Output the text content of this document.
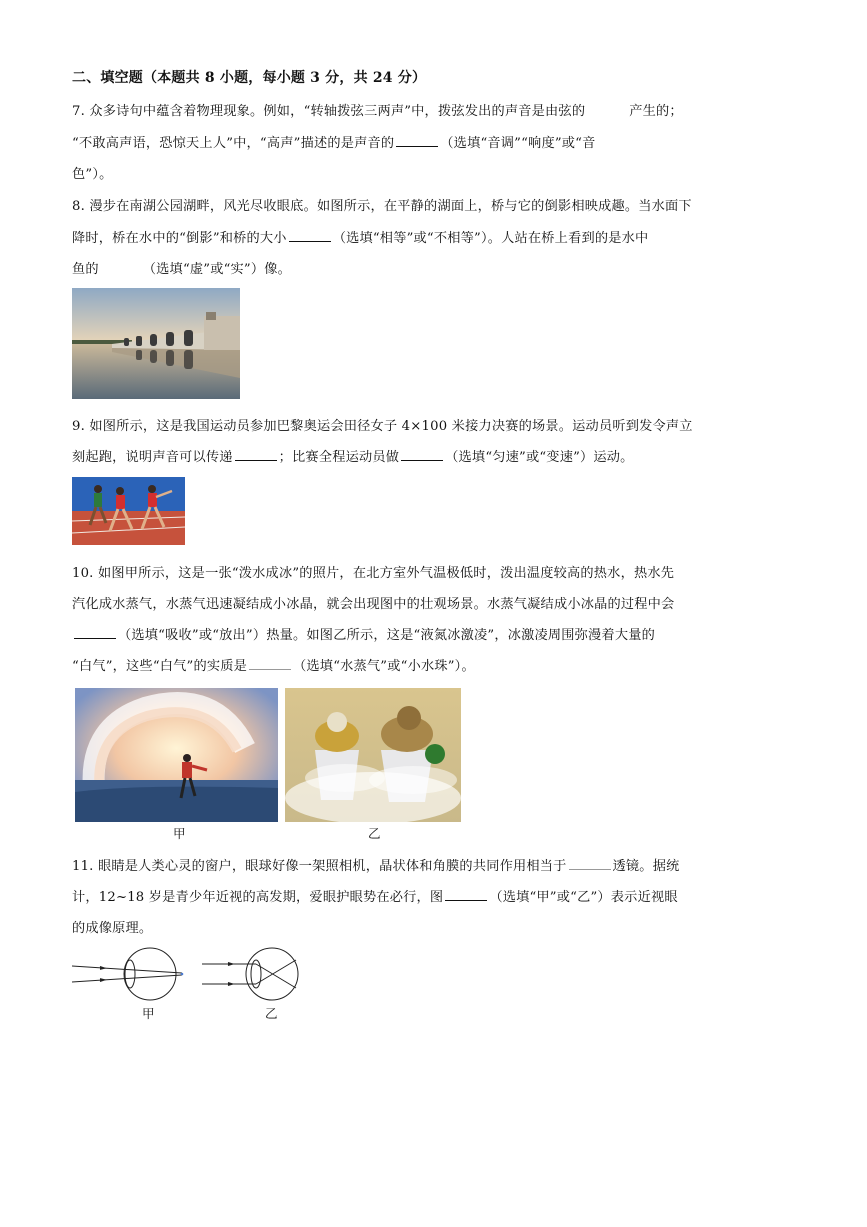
二、填空题（本题共 8 小题，每小题 3 分，共 24 分）
7. 众多诗句中蕴含着物理现象。例如，“转轴拨弦三两声”中，拨弦发出的声音是由弦的	产生的；
“不敢高声语，恐惊天上人”中，“高声”描述的是声音的	（选填“音调”“响度”或“音
色”）。
8. 漫步在南湖公园湖畔，风光尽收眼底。如图所示，在平静的湖面上，桥与它的倒影相映成趣。当水面下
降时，桥在水中的“倒影”和桥的大小	（选填“相等”或“不相等”）。人站在桥上看到的是水中
鱼的	（选填“虚”或“实”）像。
9. 如图所示，这是我国运动员参加巴黎奥运会田径女子 4×100 米接力决赛的场景。运动员听到发令声立
刻起跑，说明声音可以传递	；比赛全程运动员做	（选填“匀速”或“变速”）运动。
10. 如图甲所示，这是一张“泼水成冰”的照片，在北方室外气温极低时，泼出温度较高的热水，热水先
汽化成水蒸气，水蒸气迅速凝结成小冰晶，就会出现图中的壮观场景。水蒸气凝结成小冰晶的过程中会
（选填“吸收”或“放出”）热量。如图乙所示，这是“液氮冰激凌”，冰激凌周围弥漫着大量的
“白气”，这些“白气”的实质是	（选填“水蒸气”或“小水珠”）。
甲	乙
11. 眼睛是人类心灵的窗户，眼球好像一架照相机，晶状体和角膜的共同作用相当于	透镜。据统
计，12~18 岁是青少年近视的高发期，爱眼护眼势在必行，图	（选填“甲”或“乙”）表示近视眼
的成像原理。
甲	乙
